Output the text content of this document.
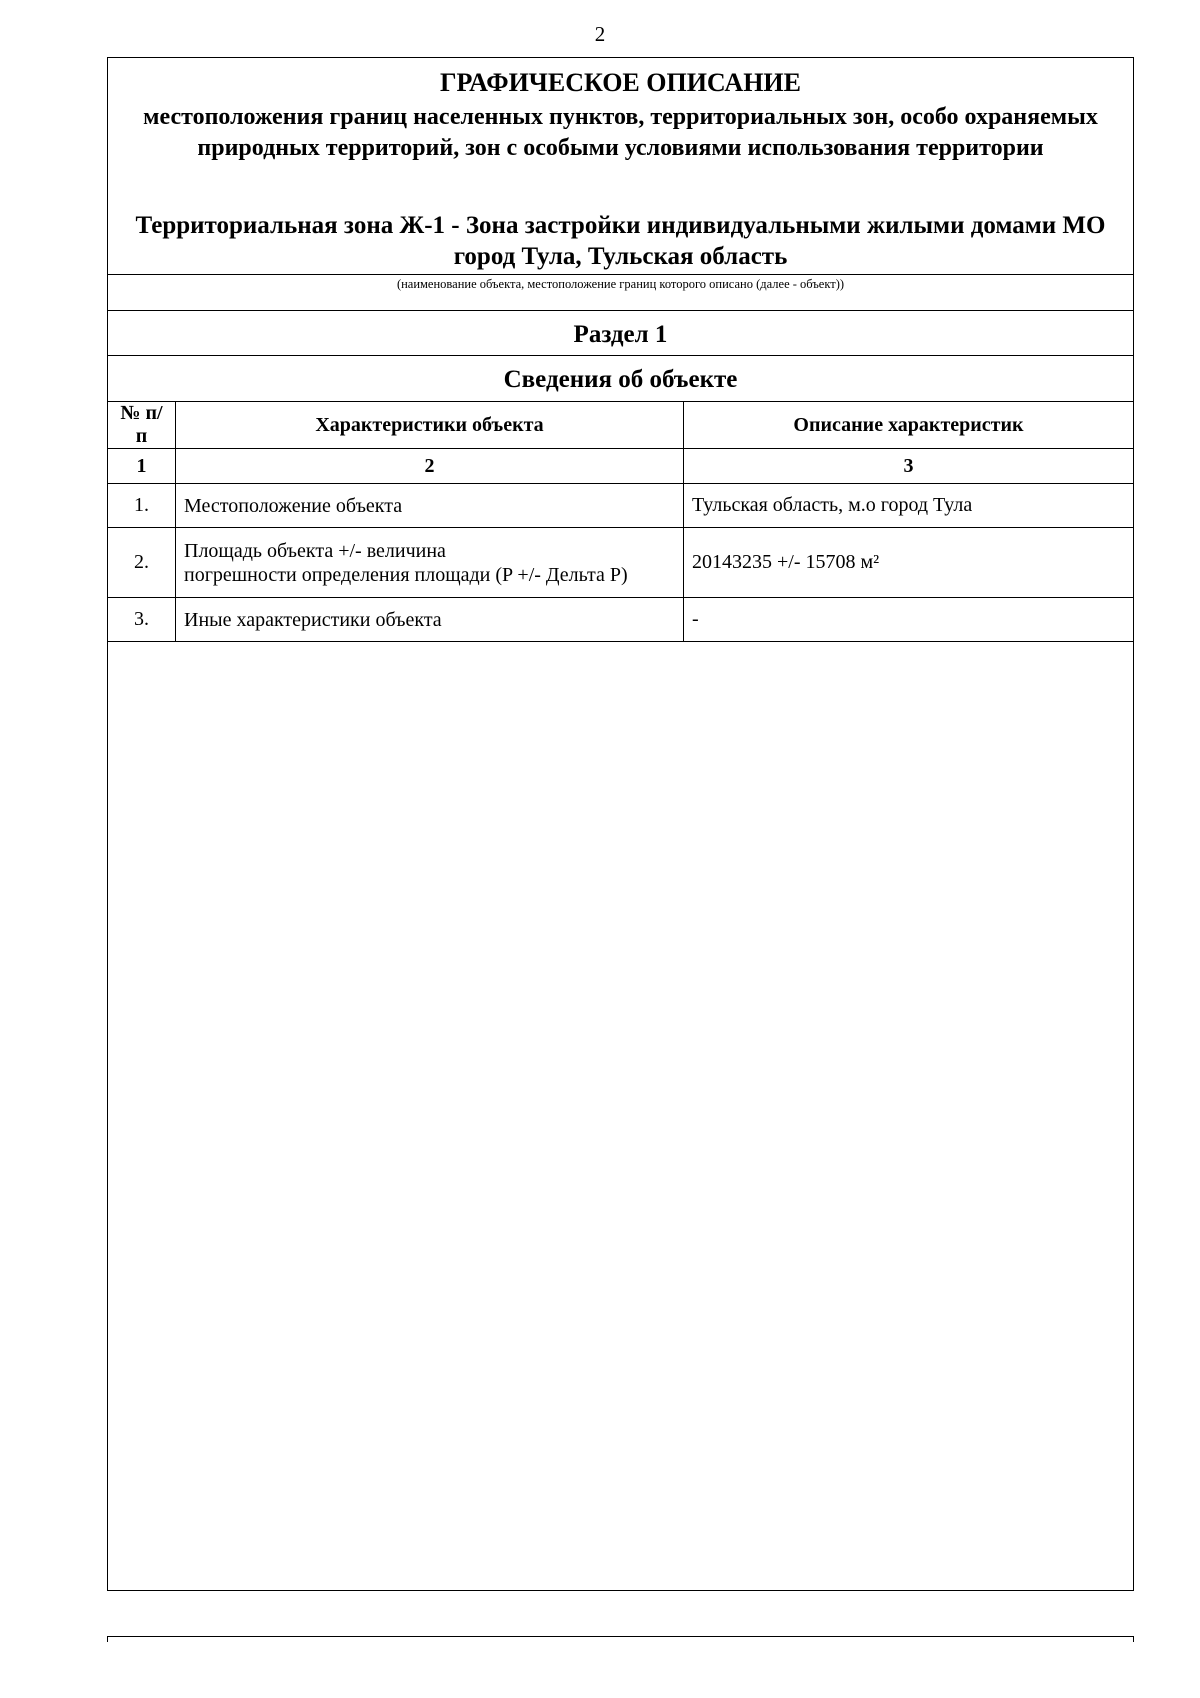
2
ГРАФИЧЕСКОЕ ОПИСАНИЕ
местоположения границ населенных пунктов, территориальных зон, особо охраняемых природных территорий, зон с особыми условиями использования территории
Территориальная зона Ж-1 - Зона застройки индивидуальными жилыми домами МО город Тула, Тульская область
(наименование объекта, местоположение границ которого описано (далее - объект))
Раздел 1
Сведения об объекте
№ п/п	Характеристики объекта	Описание характеристик
1	2	3
1.	Местоположение объекта	Тульская область, м.о город Тула
2.	Площадь объекта +/- величина
погрешности определения площади (P +/- Дельта P)	20143235 +/- 15708 м²
3.	Иные характеристики объекта	-
